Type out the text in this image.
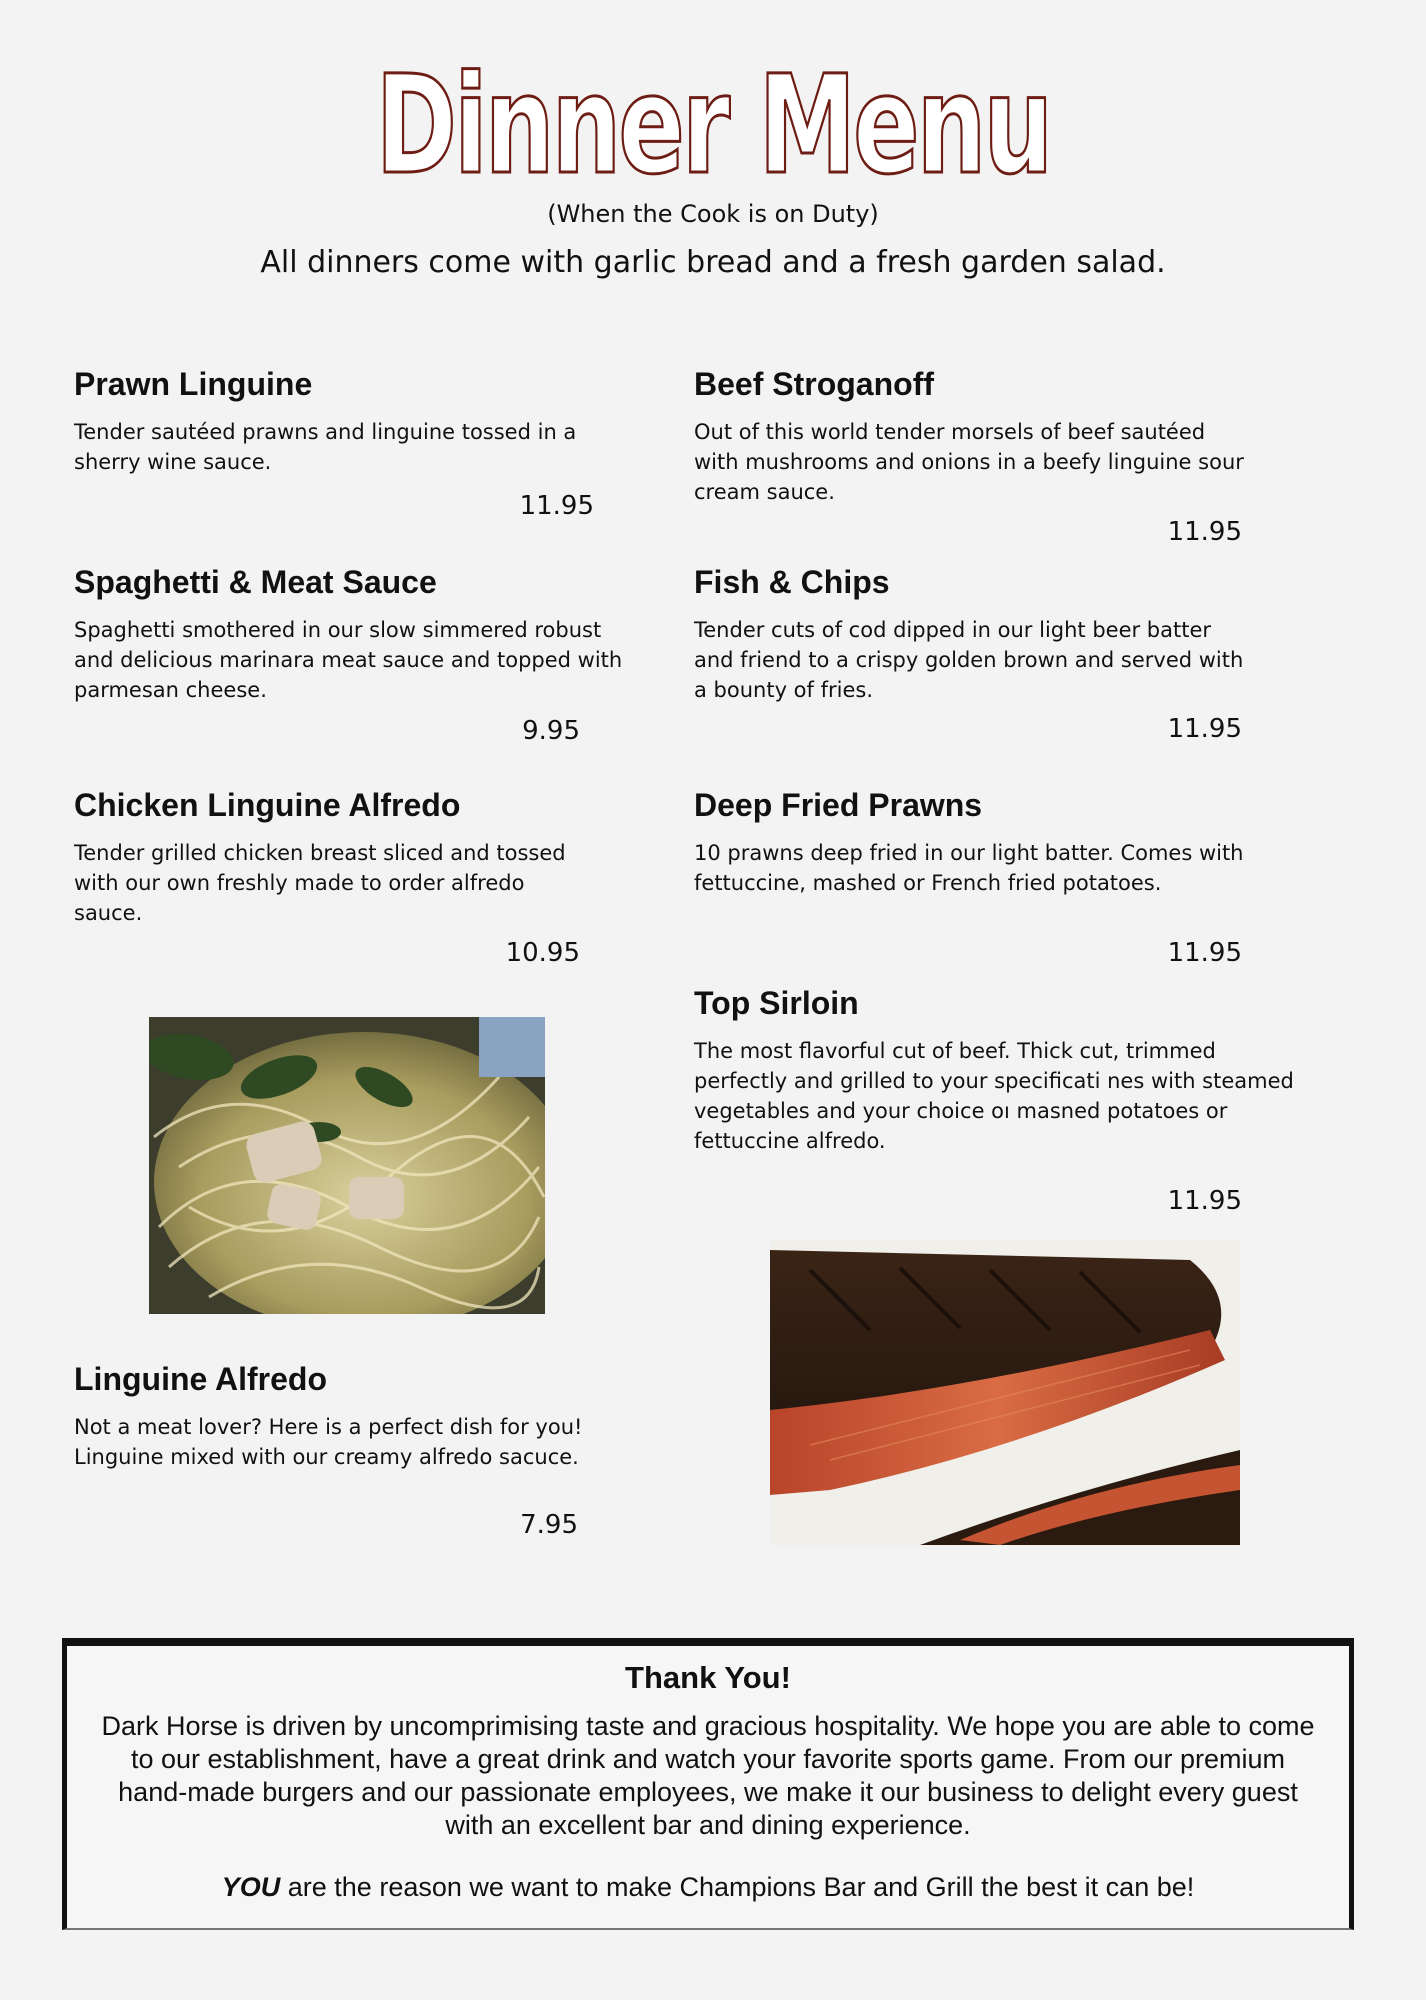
Dinner Menu
(When the Cook is on Duty)
All dinners come with garlic bread and a fresh garden salad.
Prawn Linguine

Tender sautéed prawns and linguine tossed in a sherry wine sauce.

11.95
Spaghetti & Meat Sauce

Spaghetti smothered in our slow simmered robust and delicious marinara meat sauce and topped with parmesan cheese.

9.95
Chicken Linguine Alfredo

Tender grilled chicken breast sliced and tossed with our own freshly made to order alfredo sauce.

10.95
Linguine Alfredo

Not a meat lover? Here is a perfect dish for you! Linguine mixed with our creamy alfredo sacuce.

7.95
Beef Stroganoff

Out of this world tender morsels of beef sautéed with mushrooms and onions in a beefy linguine sour cream sauce.

11.95
Fish & Chips

Tender cuts of cod dipped in our light beer batter and friend to a crispy golden brown and served with a bounty of fries.

11.95
Deep Fried Prawns

10 prawns deep fried in our light batter. Comes with fettuccine, mashed or French fried potatoes.

11.95
Top Sirloin

The most flavorful cut of beef. Thick cut, trimmed perfectly and grilled to your specificati nes with steamed vegetables and your choice oı masned potatoes or fettuccine alfredo.

11.95
Thank You!
Dark Horse is driven by uncomprimising taste and gracious hospitality. We hope you are able to come to our establishment, have a great drink and watch your favorite sports game. From our premium hand-made burgers and our passionate employees, we make it our business to delight every guest with an excellent bar and dining experience.
YOU are the reason we want to make Champions Bar and Grill the best it can be!
